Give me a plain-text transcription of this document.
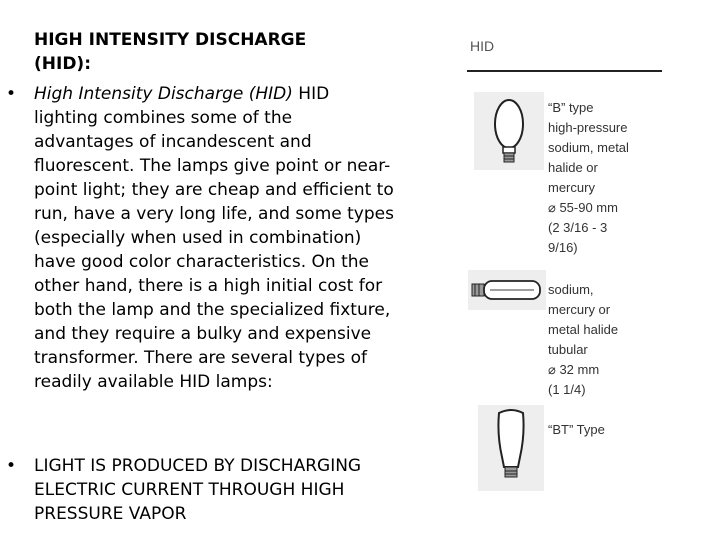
HIGH INTENSITY DISCHARGE
(HID):
• High Intensity Discharge (HID) HID lighting combines some of the advantages of incandescent and fluorescent. The lamps give point or near-point light; they are cheap and efficient to run, have a very long life, and some types (especially when used in combination) have good color characteristics. On the other hand, there is a high initial cost for both the lamp and the specialized fixture, and they require a bulky and expensive transformer. There are several types of readily available HID lamps:
• LIGHT IS PRODUCED BY DISCHARGING ELECTRIC CURRENT THROUGH HIGH PRESSURE VAPOR
HID
“B” type
high-pressure
sodium, metal
halide or
mercury
⌀ 55-90 mm
(2 3/16 - 3
9/16)
sodium,
mercury or
metal halide
tubular
⌀ 32 mm
(1 1/4)
“BT” Type
